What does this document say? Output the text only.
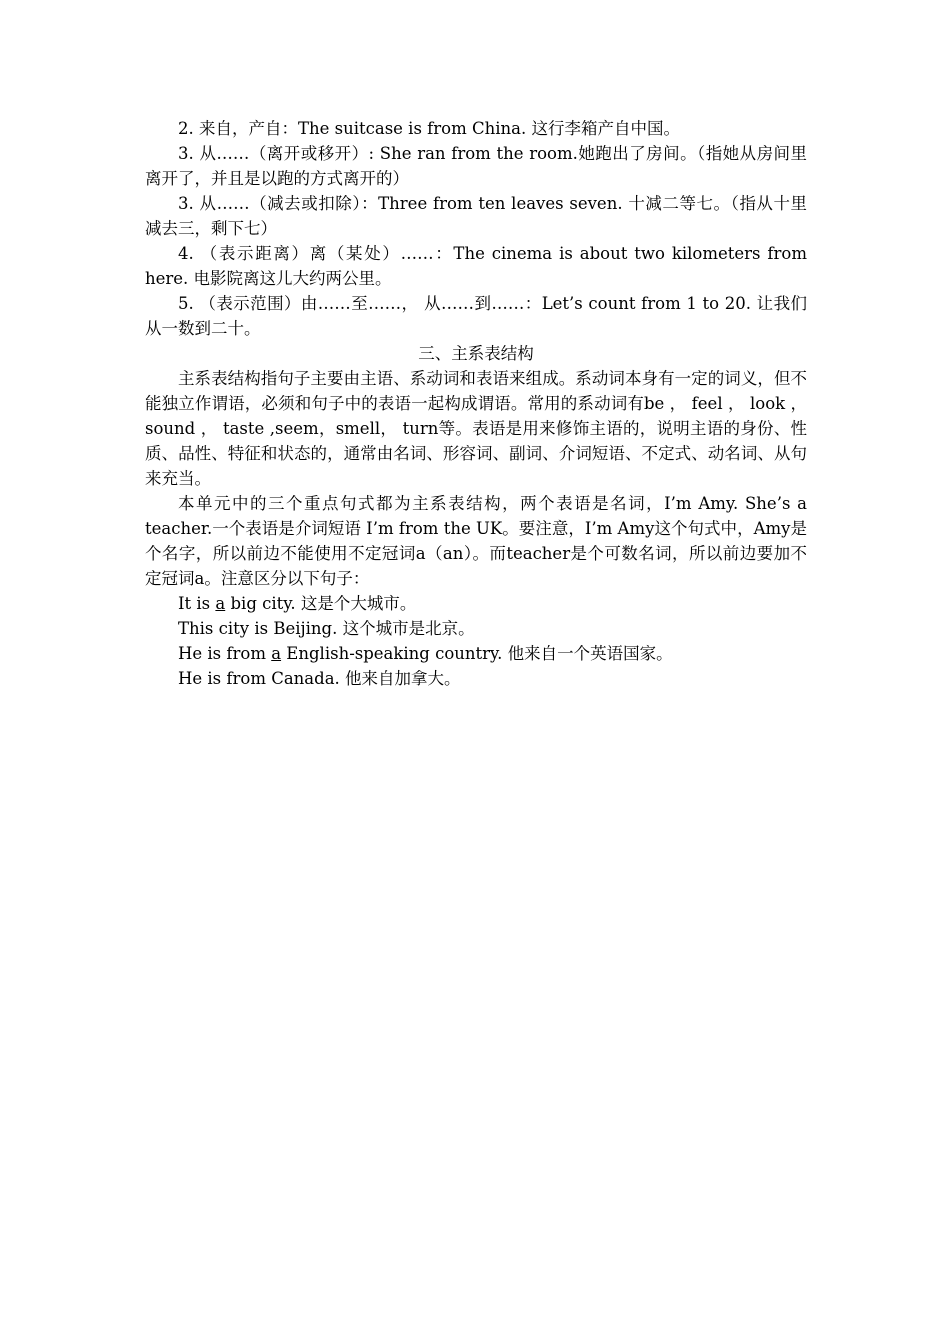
2. 来自，产自：The suitcase is from China. 这行李箱产自中国。

3. 从……（离开或移开）: She ran from the room.她跑出了房间。（指她从房间里离开了，并且是以跑的方式离开的）

3. 从……（减去或扣除）：Three from ten leaves seven. 十减二等七。（指从十里减去三，剩下七）

4. （表示距离）离（某处）……：The cinema is about two kilometers from here. 电影院离这儿大约两公里。

5. （表示范围）由……至……， 从……到……：Let’s count from 1 to 20. 让我们从一数到二十。

三、主系表结构

主系表结构指句子主要由主语、系动词和表语来组成。系动词本身有一定的词义，但不能独立作谓语，必须和句子中的表语一起构成谓语。常用的系动词有be ， feel ， look ， sound ， taste ,seem，smell， turn等。表语是用来修饰主语的，说明主语的身份、性质、品性、特征和状态的，通常由名词、形容词、副词、介词短语、不定式、动名词、从句来充当。

本单元中的三个重点句式都为主系表结构，两个表语是名词，I’m Amy. She’s a teacher.一个表语是介词短语 I’m from the UK。要注意，I’m Amy这个句式中，Amy是个名字，所以前边不能使用不定冠词a（an）。而teacher是个可数名词，所以前边要加不定冠词a。注意区分以下句子：

It is a big city. 这是个大城市。

This city is Beijing. 这个城市是北京。

He is from a English-speaking country. 他来自一个英语国家。

He is from Canada. 他来自加拿大。
